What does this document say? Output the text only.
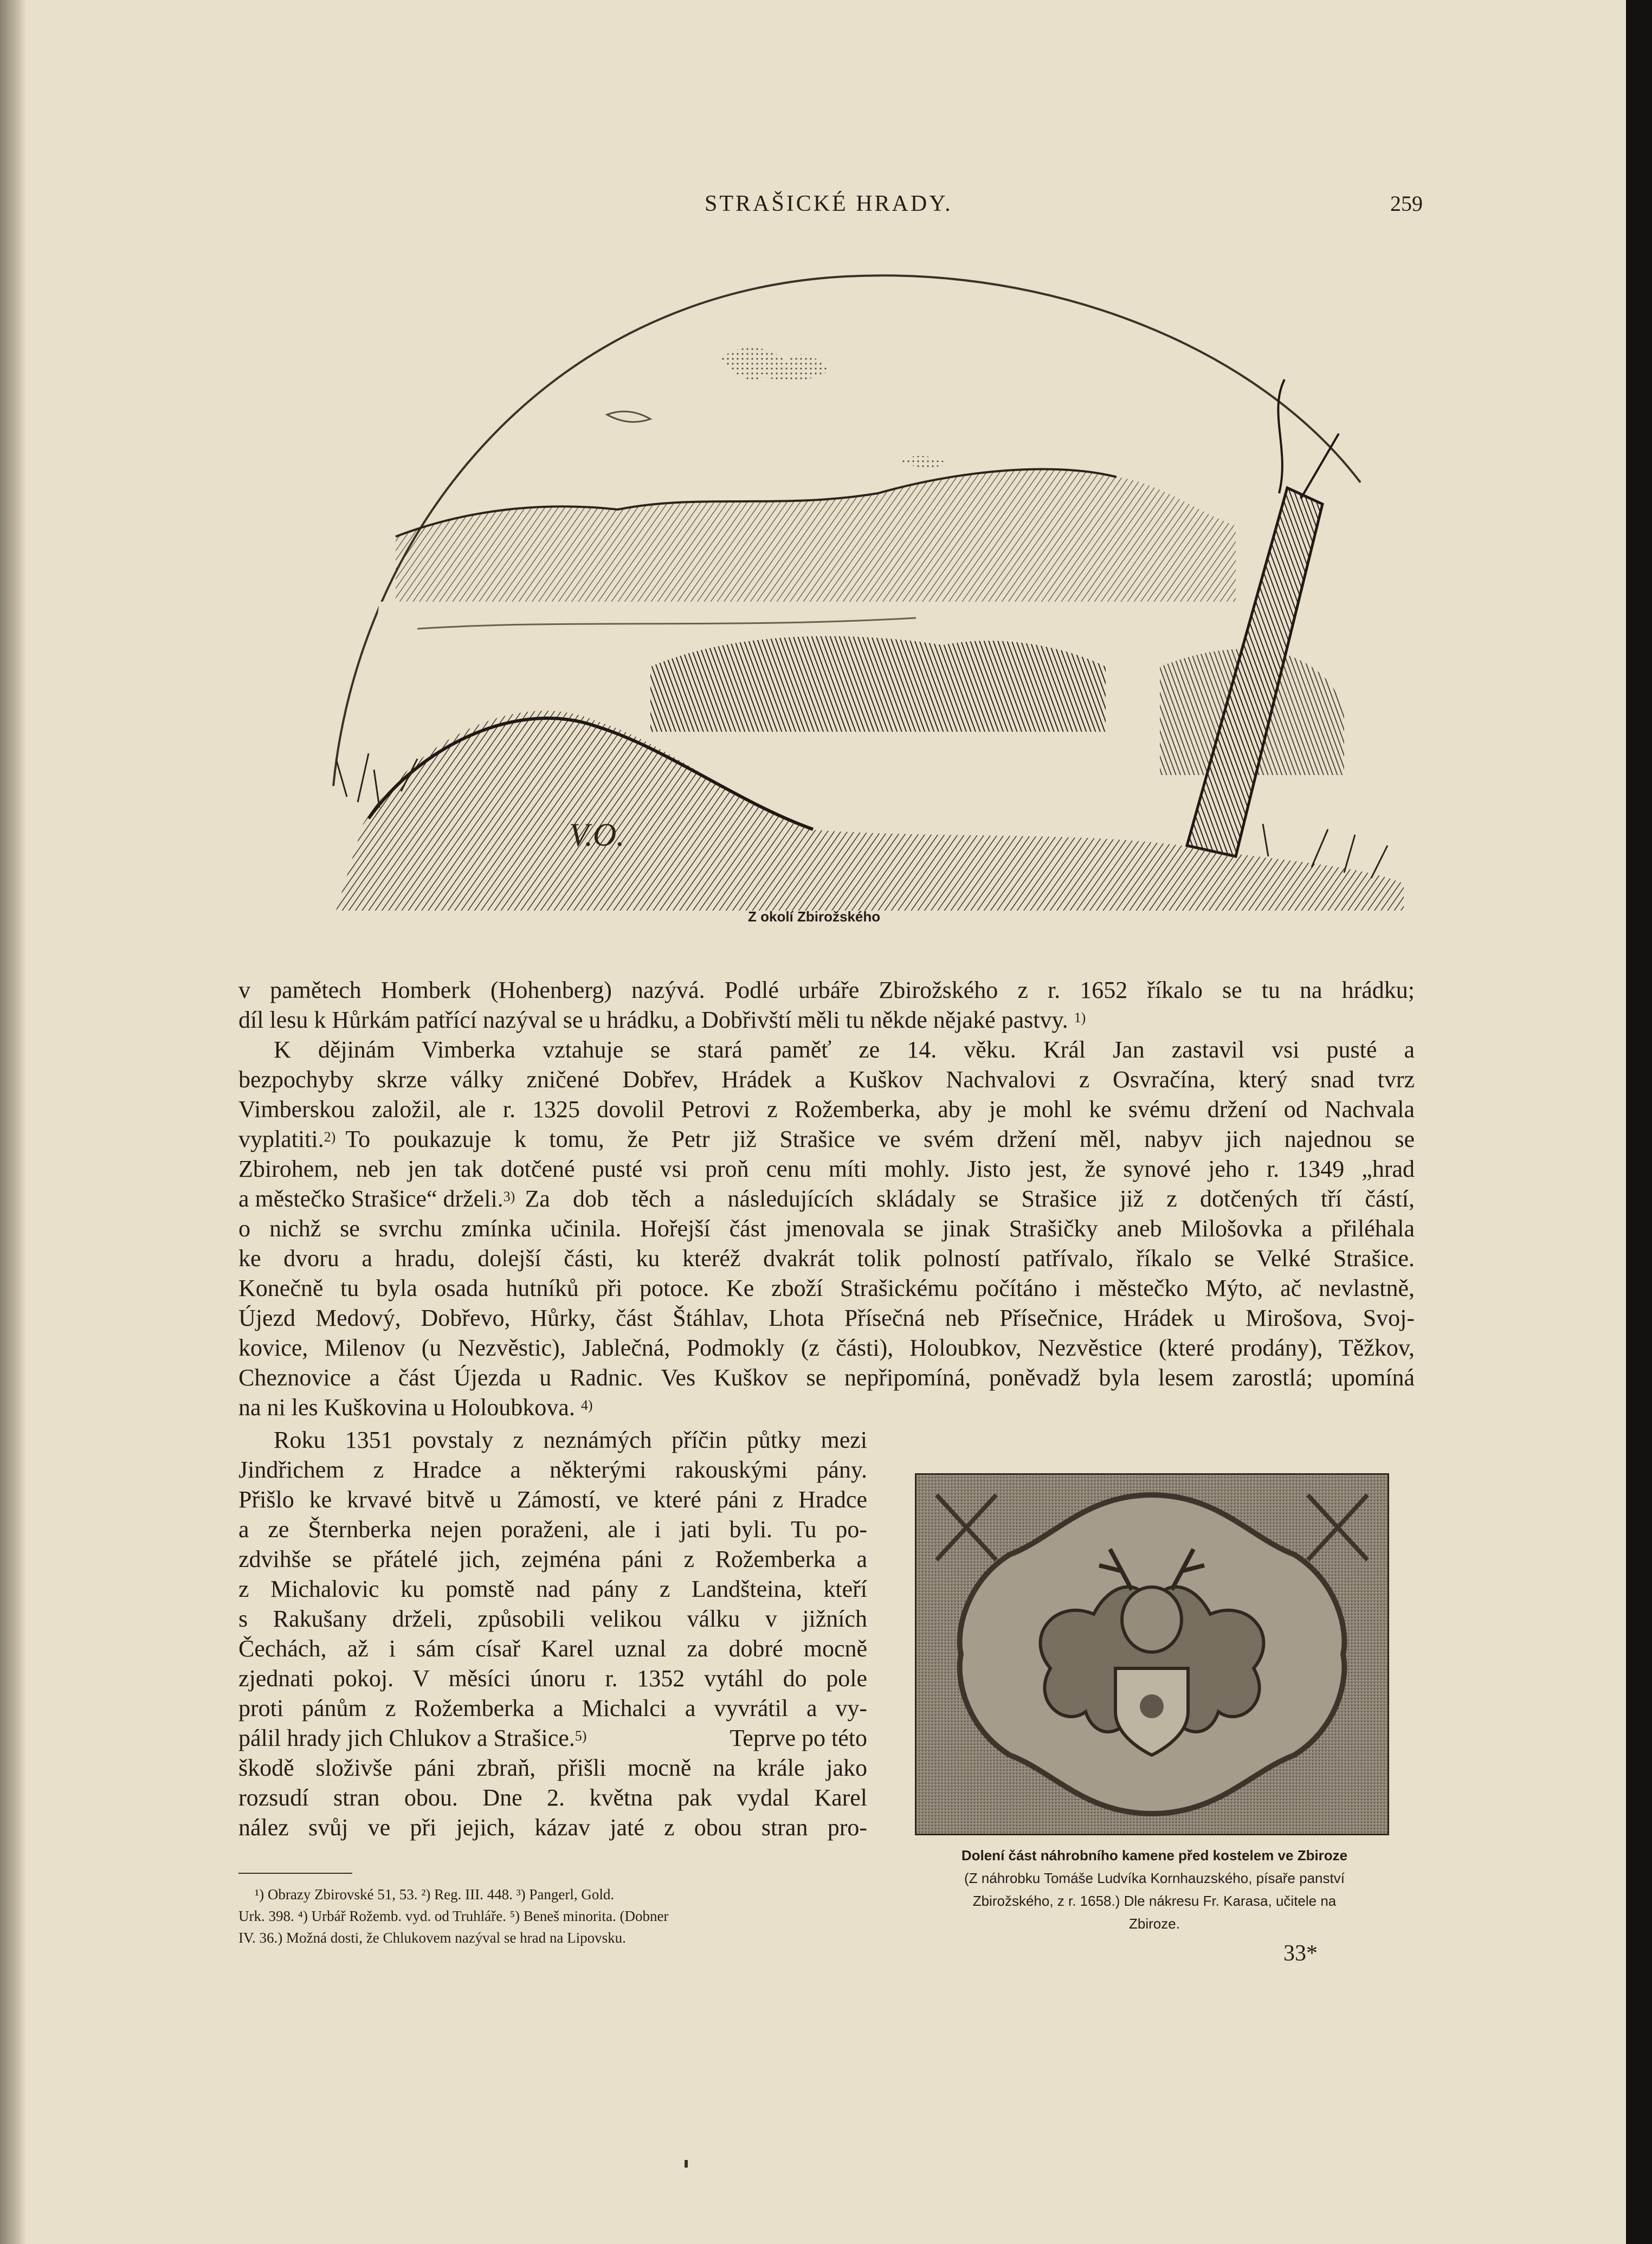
STRAŠICKÉ HRADY.	259
V.O.
Z okolí Zbirožského
v pamětech Homberk (Hohenberg) nazývá. Podlé urbáře Zbirožského z r. 1652 říkalo se tu na hrádku;
díl lesu k Hůrkám patřící nazýval se u hrádku, a Dobřivští měli tu někde nějaké pastvy. $^{1)}$
K dějinám Vimberka vztahuje se stará paměť ze 14. věku. Král Jan zastavil vsi pusté a
bezpochyby skrze války zničené Dobřev, Hrádek a Kuškov Nachvalovi z Osvračína, který snad tvrz
Vimberskou založil, ale r. 1325 dovolil Petrovi z Rožemberka, aby je mohl ke svému držení od Nachvala
vyplatiti. 2) To poukazuje k tomu, že Petr již Strašice ve svém držení měl, nabyv jich najednou se
Zbirohem, neb jen tak dotčené pusté vsi proň cenu míti mohly. Jisto jest, že synové jeho r. 1349 „hrad
a městečko Strašice“ drželi. 3) Za dob těch a následujících skládaly se Strašice již z dotčených tří částí,
o nichž se svrchu zmínka učinila. Hořejší část jmenovala se jinak Strašičky aneb Milošovka a přiléhala
ke dvoru a hradu, dolejší části, ku kteréž dvakrát tolik polností patřívalo, říkalo se Velké Strašice.
Konečně tu byla osada hutníků při potoce. Ke zboží Strašickému počítáno i městečko Mýto, ač nevlastně,
Újezd Medový, Dobřevo, Hůrky, část Štáhlav, Lhota Přísečná neb Přísečnice, Hrádek u Mirošova, Svoj-
kovice, Milenov (u Nezvěstic), Jablečná, Podmokly (z části), Holoubkov, Nezvěstice (které prodány), Těžkov,
Cheznovice a část Újezda u Radnic. Ves Kuškov se nepřipomíná, poněvadž byla lesem zarostlá; upomíná
na ni les Kuškovina u Holoubkova. $^{4)}$
Roku 1351 povstaly z neznámých příčin půtky mezi
Jindřichem z Hradce a některými rakouskými pány.
Přišlo ke krvavé bitvě u Zámostí, ve které páni z Hradce
a ze Šternberka nejen poraženi, ale i jati byli. Tu po-
zdvihše se přátelé jich, zejména páni z Rožemberka a
z Michalovic ku pomstě nad pány z Landšteina, kteří
s Rakušany drželi, způsobili velikou válku v jižních
Čechách, až i sám císař Karel uznal za dobré mocně
zjednati pokoj. V měsíci únoru r. 1352 vytáhl do pole
proti pánům z Rožemberka a Michalci a vyvrátil a vy-
pálil hrady jich Chlukov a Strašice. 5)	Teprve po této
škodě složivše páni zbraň, přišli mocně na krále jako
rozsudí stran obou. Dne 2. května pak vydal Karel
nález svůj ve při jejich, kázav jaté z obou stran pro-
¹) Obrazy Zbirovské 51, 53. ²) Reg. III. 448. ³) Pangerl, Gold.
Urk. 398. ⁴) Urbář Rožemb. vyd. od Truhláře. ⁵) Beneš minorita. (Dobner
IV. 36.) Možná dosti, že Chlukovem nazýval se hrad na Lipovsku.
Dolení část náhrobního kamene před kostelem ve Zbiroze
(Z náhrobku Tomáše Ludvíka Kornhauzského, písaře panství
Zbirožského, z r. 1658.) Dle nákresu Fr. Karasa, učitele na
Zbiroze.
33*
